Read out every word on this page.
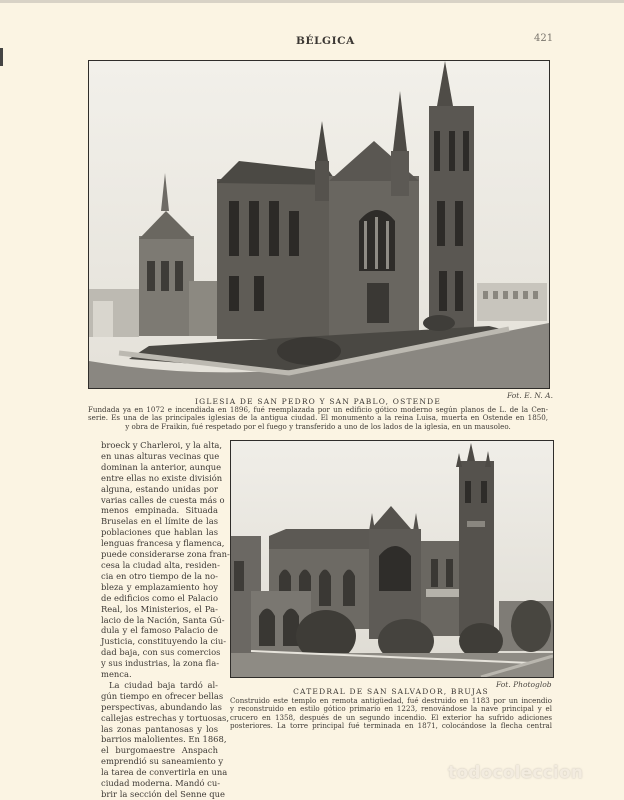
BÉLGICA	421
Fot. E. N. A.
IGLESIA DE SAN PEDRO Y SAN PABLO, OSTENDE
Fundada ya en 1072 e incendiada en 1896, fué reemplazada por un edificio gótico moderno según planos de L. de la Cen-
serie. Es una de las principales iglesias de la antigua ciudad. El monumento a la reina Luisa, muerta en Ostende en 1850,
y obra de Fraikin, fué respetado por el fuego y transferido a uno de los lados de la iglesia, en un mausoleo.
broeck y Charleroi, y la alta,
en unas alturas vecinas que
dominan la anterior, aunque
entre ellas no existe división
alguna, estando unidas por
varias calles de cuesta más o
menos empinada. Situada
Bruselas en el límite de las
poblaciones que hablan las
lenguas francesa y flamenca,
puede considerarse zona fran-
cesa la ciudad alta, residen-
cia en otro tiempo de la no-
bleza y emplazamiento hoy
de edificios como el Palacio
Real, los Ministerios, el Pa-
lacio de la Nación, Santa Gú-
dula y el famoso Palacio de
Justicia, constituyendo la ciu-
dad baja, con sus comercios
y sus industrias, la zona fla-
menca.
La ciudad baja tardó al-
gún tiempo en ofrecer bellas
perspectivas, abundando las
callejas estrechas y tortuosas,
las zonas pantanosas y los
barrios malolientes. En 1868,
el burgomaestre Anspach
emprendió su saneamiento y
la tarea de convertirla en una
ciudad moderna. Mandó cu-
brir la sección del Senne que
Fot. Photoglob
CATEDRAL DE SAN SALVADOR, BRUJAS
Construido este templo en remota antigüedad, fué destruido en 1183 por un incendio
y reconstruido en estilo gótico primario en 1223, renovándose la nave principal y el
crucero en 1358, después de un segundo incendio. El exterior ha sufrido adiciones
posteriores. La torre principal fué terminada en 1871, colocándose la flecha central
todocoleccion
